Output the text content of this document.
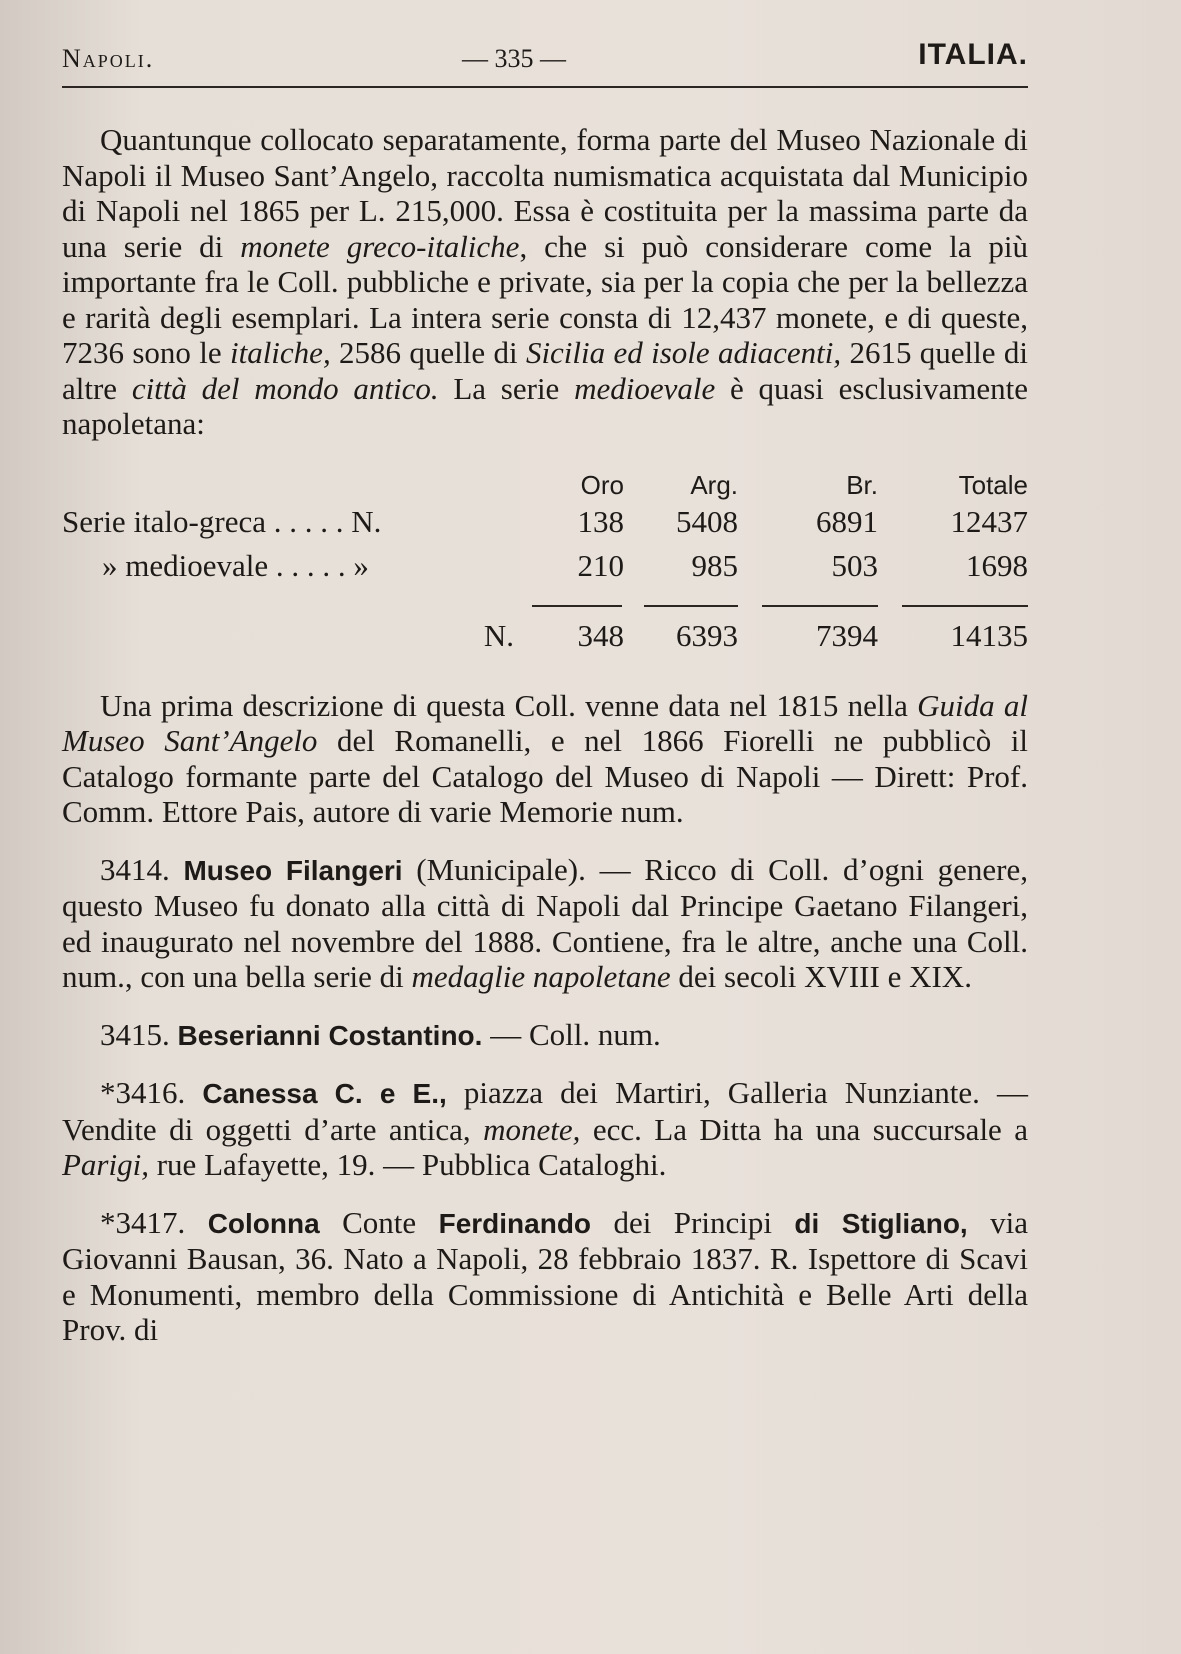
Napoli.	— 335 —	ITALIA.

Quantunque collocato separatamente, forma parte del Museo Nazionale di Napoli il Museo Sant’Angelo, raccolta numismatica acquistata dal Municipio di Napoli nel 1865 per L. 215,000. Essa è costituita per la massima parte da una serie di monete greco-italiche, che si può considerare come la più importante fra le Coll. pubbliche e private, sia per la copia che per la bellezza e rarità degli esemplari. La intera serie consta di 12,437 monete, e di queste, 7236 sono le italiche, 2586 quelle di Sicilia ed isole adiacenti, 2615 quelle di altre città del mondo antico. La serie medioevale è quasi esclusivamente napoletana:

Oro	Arg.	Br.	Totale
Serie italo-greca . . . . . N.	138	5408	6891	12437
» medioevale . . . . . »	210	985	503	1698
N.	348	6393	7394	14135

Una prima descrizione di questa Coll. venne data nel 1815 nella Guida al Museo Sant’Angelo del Romanelli, e nel 1866 Fiorelli ne pubblicò il Catalogo formante parte del Catalogo del Museo di Napoli — Dirett: Prof. Comm. Ettore Pais, autore di varie Memorie num.

3414. Museo Filangeri (Municipale). — Ricco di Coll. d’ogni genere, questo Museo fu donato alla città di Napoli dal Principe Gaetano Filangeri, ed inaugurato nel novembre del 1888. Contiene, fra le altre, anche una Coll. num., con una bella serie di medaglie napoletane dei secoli XVIII e XIX.

3415. Beserianni Costantino. — Coll. num.

*3416. Canessa C. e E., piazza dei Martiri, Galleria Nunziante. — Vendite di oggetti d’arte antica, monete, ecc. La Ditta ha una succursale a Parigi, rue Lafayette, 19. — Pubblica Cataloghi.

*3417. Colonna Conte Ferdinando dei Principi di Stigliano, via Giovanni Bausan, 36. Nato a Napoli, 28 febbraio 1837. R. Ispettore di Scavi e Monumenti, membro della Commissione di Antichità e Belle Arti della Prov. di
